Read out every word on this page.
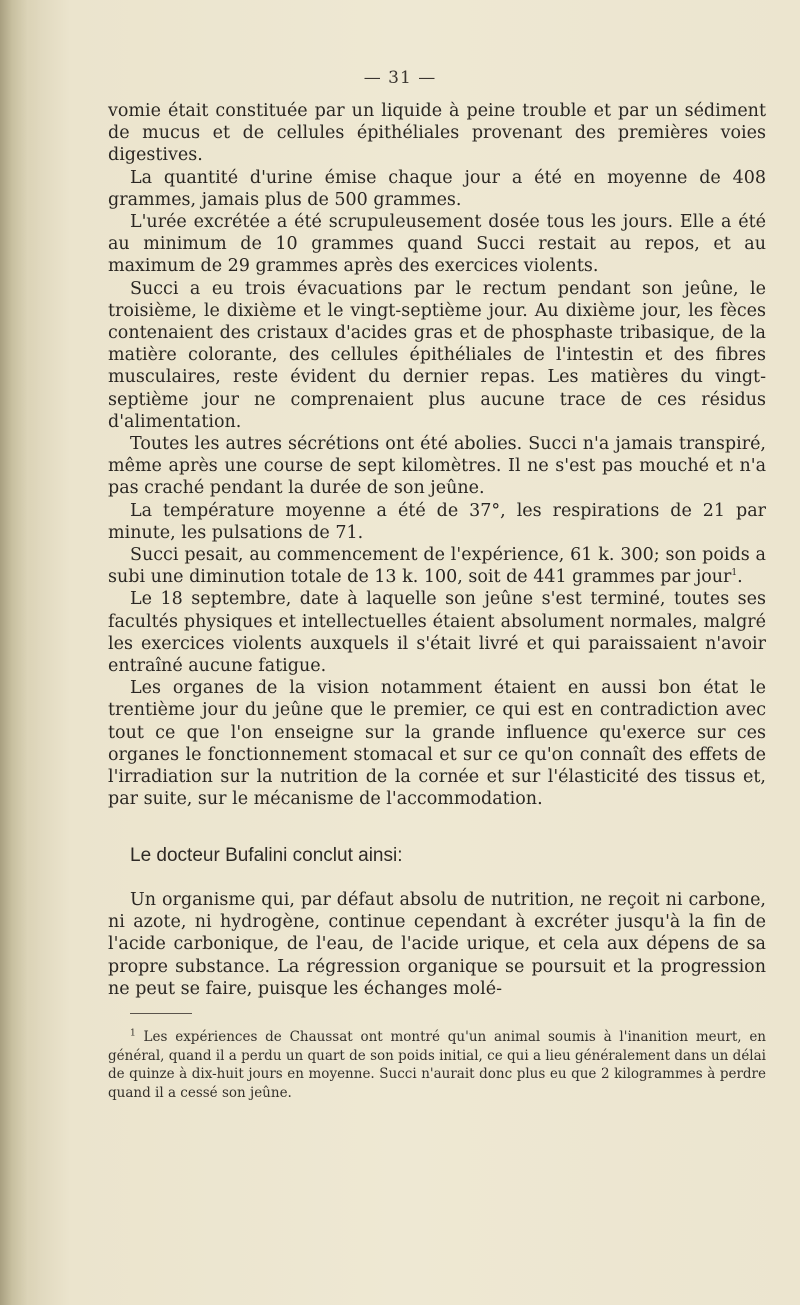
— 31 —

vomie était constituée par un liquide à peine trouble et par un sédiment de mucus et de cellules épithéliales provenant des premières voies digestives.

La quantité d'urine émise chaque jour a été en moyenne de 408 grammes, jamais plus de 500 grammes.

L'urée excrétée a été scrupuleusement dosée tous les jours. Elle a été au minimum de 10 grammes quand Succi restait au repos, et au maximum de 29 grammes après des exercices violents.

Succi a eu trois évacuations par le rectum pendant son jeûne, le troisième, le dixième et le vingt-septième jour. Au dixième jour, les fèces contenaient des cristaux d'acides gras et de phosphaste tribasique, de la matière colorante, des cellules épithéliales de l'intestin et des fibres musculaires, reste évident du dernier repas. Les matières du vingt-septième jour ne comprenaient plus aucune trace de ces résidus d'alimentation.

Toutes les autres sécrétions ont été abolies. Succi n'a jamais transpiré, même après une course de sept kilomètres. Il ne s'est pas mouché et n'a pas craché pendant la durée de son jeûne.

La température moyenne a été de 37°, les respirations de 21 par minute, les pulsations de 71.

Succi pesait, au commencement de l'expérience, 61 k. 300; son poids a subi une diminution totale de 13 k. 100, soit de 441 grammes par jour$^1$.

Le 18 septembre, date à laquelle son jeûne s'est terminé, toutes ses facultés physiques et intellectuelles étaient absolument normales, malgré les exercices violents auxquels il s'était livré et qui paraissaient n'avoir entraîné aucune fatigue.

Les organes de la vision notamment étaient en aussi bon état le trentième jour du jeûne que le premier, ce qui est en contradiction avec tout ce que l'on enseigne sur la grande influence qu'exerce sur ces organes le fonctionnement stomacal et sur ce qu'on connaît des effets de l'irradiation sur la nutrition de la cornée et sur l'élasticité des tissus et, par suite, sur le mécanisme de l'accommodation.

Le docteur Bufalini conclut ainsi:

Un organisme qui, par défaut absolu de nutrition, ne reçoit ni carbone, ni azote, ni hydrogène, continue cependant à excréter jusqu'à la fin de l'acide carbonique, de l'eau, de l'acide urique, et cela aux dépens de sa propre substance. La régression organique se poursuit et la progression ne peut se faire, puisque les échanges molé-

$^1$ Les expériences de Chaussat ont montré qu'un animal soumis à l'inanition meurt, en général, quand il a perdu un quart de son poids initial, ce qui a lieu généralement dans un délai de quinze à dix-huit jours en moyenne. Succi n'aurait donc plus eu que 2 kilogrammes à perdre quand il a cessé son jeûne.
